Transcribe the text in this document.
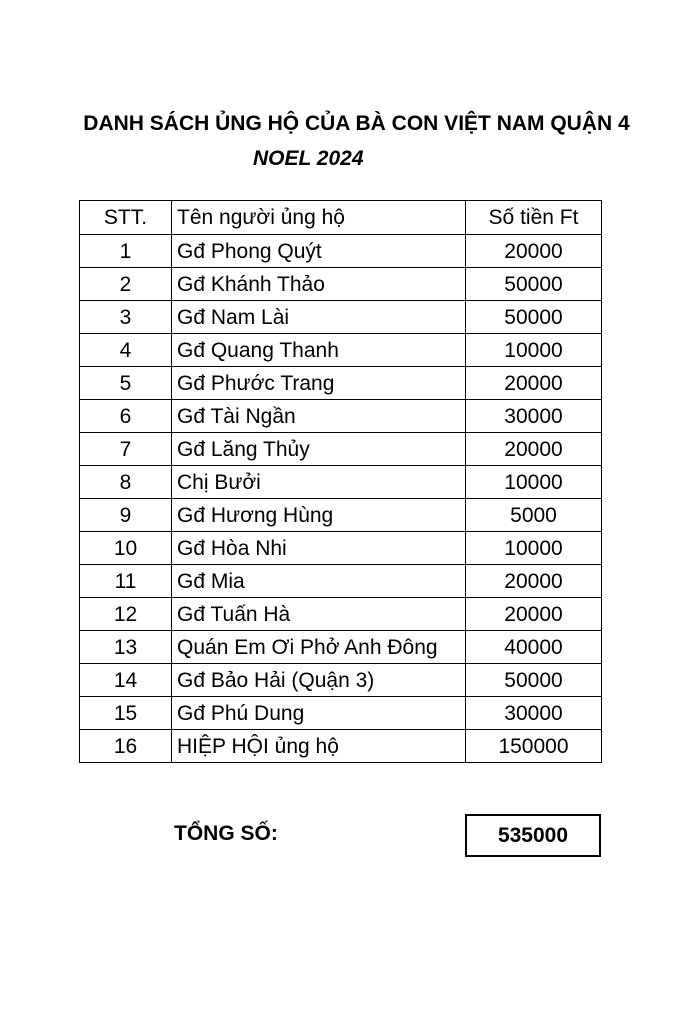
DANH SÁCH ỦNG HỘ CỦA BÀ CON VIỆT NAM QUẬN 4
NOEL 2024
STT.	Tên người ủng hộ	Số tiền Ft
1	Gđ Phong Quýt	20000
2	Gđ Khánh Thảo	50000
3	Gđ Nam Lài	50000
4	Gđ Quang Thanh	10000
5	Gđ Phước Trang	20000
6	Gđ Tài Ngần	30000
7	Gđ Lăng Thủy	20000
8	Chị Bưởi	10000
9	Gđ Hương Hùng	5000
10	Gđ Hòa Nhi	10000
11	Gđ Mia	20000
12	Gđ Tuấn Hà	20000
13	Quán Em Ơi Phở Anh Đông	40000
14	Gđ Bảo Hải (Quận 3)	50000
15	Gđ Phú Dung	30000
16	HIỆP HỘI ủng hộ	150000
TỔNG SỐ:	535000
